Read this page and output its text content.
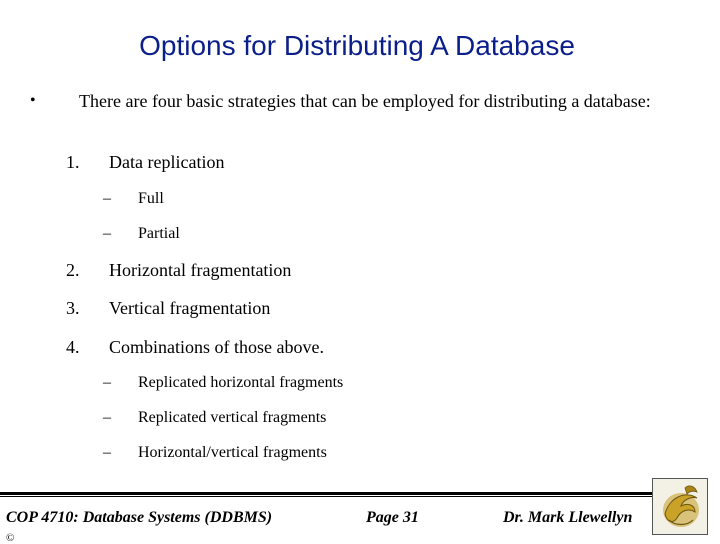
Options for Distributing A Database
• There are four basic strategies that can be employed for distributing a database:
1. Data replication
– Full
– Partial
2. Horizontal fragmentation
3. Vertical fragmentation
4. Combinations of those above.
– Replicated horizontal fragments
– Replicated vertical fragments
– Horizontal/vertical fragments
COP 4710: Database Systems (DDBMS)	Page 31	Dr. Mark Llewellyn
©
